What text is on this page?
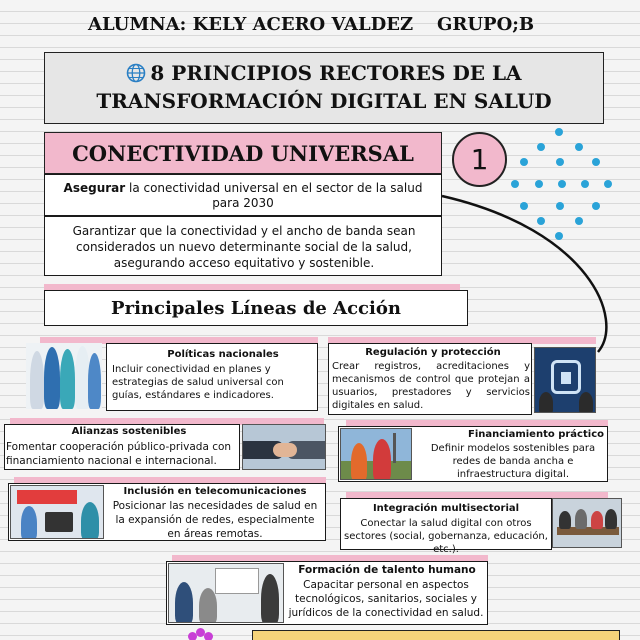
ALUMNA: KELY ACERO VALDEZ GRUPO;B
8 PRINCIPIOS RECTORES DE LA
TRANSFORMACIÓN DIGITAL EN SALUD
CONECTIVIDAD UNIVERSAL	1
Asegurar la conectividad universal en el sector de la salud para 2030
Garantizar que la conectividad y el ancho de banda sean considerados un nuevo determinante social de la salud, asegurando acceso equitativo y sostenible.
Principales Líneas de Acción
Políticas nacionales
Incluir conectividad en planes y estrategias de salud universal con guías, estándares e indicadores.
Regulación y protección
Crear registros, acreditaciones y mecanismos de control que protejan a usuarios, prestadores y servicios digitales en salud.
Alianzas sostenibles
Fomentar cooperación público-privada con financiamiento nacional e internacional.
Financiamiento práctico
Definir modelos sostenibles para redes de banda ancha e infraestructura digital.
Inclusión en telecomunicaciones
Posicionar las necesidades de salud en la expansión de redes, especialmente en áreas remotas.
Integración multisectorial
Conectar la salud digital con otros sectores (social, gobernanza, educación, etc.).
Formación de talento humano
Capacitar personal en aspectos tecnológicos, sanitarios, sociales y jurídicos de la conectividad en salud.
